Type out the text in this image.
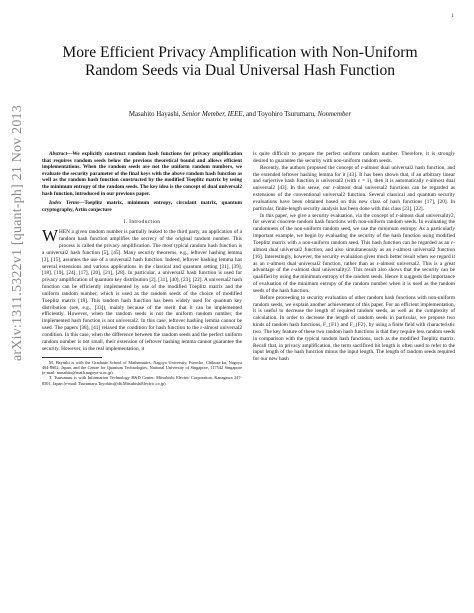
1
arXiv:1311.5322v1 [quant-ph] 21 Nov 2013
More Efficient Privacy Amplification with Non-Uniform Random Seeds via Dual Universal Hash Function
Masahito Hayashi, Senior Member, IEEE, and Toyohiro Tsurumaru, Nonmember

Abstract—We explicitly construct random hash functions for privacy amplification that requires random seeds below the previous theoretical bound and allows efficient implementations. When the random seeds are not the uniform random numbers, we evaluate the security parameter of the final keys with the above random hash function as well as the random hash function constructed by the modified Toeplitz matrix by using the minimum entropy of the random seeds. The key idea is the concept of dual universal2 hash function, introduced in our previous paper.

Index Terms—Toeplitz matrix, minimum entropy, circulant matrix, quantum cryptography, Artin conjecture

I. Introduction

WHEN a given random number is partially leaked to the third party, an application of a random hash function amplifies the secrecy of the original random number. This process is called the privacy amplification. The most typical random hash function is a universal2 hash function [5], [45]. Many security theorems, e.g., leftover hashing lemma [3], [15], assumes the use of a universal2 hash function. Indeed, leftover hashing lemma has several extensions and various applications in the classical and quantum setting [31], [39], [18], [19], [24], [17], [20], [21], [28]. In particular, a universal2 hash function is used for privacy amplification of quantum key distribution [2], [31], [40], [23], [22]. A universal2 hash function can be efficiently implemented by use of the modified Toeplitz matrix and the uniform random number, which is used as the random seeds of the choice of modified Toeplitz matrix [18]. This random hash function has been widely used for quantum key distribution (see, e.g., [33]), mainly because of the merit that it can be implemented efficiently. However, when the random seeds is not the uniform random number, the implemented hash function is not universal2. In this case, leftover hashing lemma cannot be used. The papers [38], [41] relaxed the condition for hash function to the ε-almost universal2 condition. In this case, when the difference between the random seeds and the perfect uniform random number is not small, their extension of leftover hashing lemma cannot guarantee the security. However, in the real implementation, it

M. Hayashi is with the Graduate School of Mathematics, Nagoya University, Furocho, Chikusa-ku, Nagoya 464-8602, Japan, and the Centre for Quantum Technologies, National University of Singapore, 117542 Singapore (e-mail: masahito@math.nagoya-u.ac.jp).

T. Tsurumaru is with Information Technology R&D Center, Mitsubishi Electric Corporation, Kanagawa 247-8501, Japan (e-mail: Tsurumaru.Toyohiro@db.MitsubishiElectric.co.jp).

is quite difficult to prepare the perfect uniform random number. Therefore, it is strongly desired to guarantee the security with non-uniform random seeds.

Recently, the authors proposed the concept of ε-almost dual universal2 hash function, and the extended leftover hashing lemma for it [43]. It has been shown that, if an arbitrary linear and surjective hash function is universal2 (with ε = 1), then it is automatically ε-almost dual universal2 [43]. In this sense, our ε-almost dual universal2 functions can be regarded as extensions of the conventional universal2 function. Several classical and quantum security evaluations have been obtained based on this new class of hash functions [17], [20]. In particular, finite-length security analysis has been done with this class [23], [22].

In this paper, we give a security evaluation, via the concept of ε-almost dual universality2, for several concrete random hash functions with non-uniform random seeds. In evaluating the randomness of the non-uniform random seed, we use the minimum entropy. As a particularly important example, we begin by evaluating the security of the hash function using modified Toeplitz matrix with a non-uniform random seed. This hash function can be regarded as an ε-almost dual universal2 function, and also simultaneously as an ε-almost universal2 function [16]. Interestingly, however, the security evaluation gives much better result when we regard it as an ε-almost dual universal2 function, rather than as ε-almost universal2. This is a great advantage of the ε-almost dual universality2. This result also shows that the security can be qualified by using the minimum entropy of the random seeds. Hence it suggests the importance of evaluation of the minimum entropy of the random number when it is used as the random seeds of the hash function.

Before proceeding to security evaluation of other random hash functions with non-uniform random seeds, we explain another achievement of this paper. For an efficient implementation, it is useful to decrease the length of required random seeds, as well as the complexity of calculation. In order to decrease the length of random seeds in particular, we propose two kinds of random hash functions, F_{F1} and F_{F2}, by using a finite field with characteristic two. The key feature of these two random hash functions is that they require less random seeds in comparison with the typical random hash functions, such as the modified Toeplitz matrix. Recall that, in privacy amplification, the term sacrificed bit length is often used to refer to the input length of the hash function minus the input length. The length of random seeds required for our new hash
